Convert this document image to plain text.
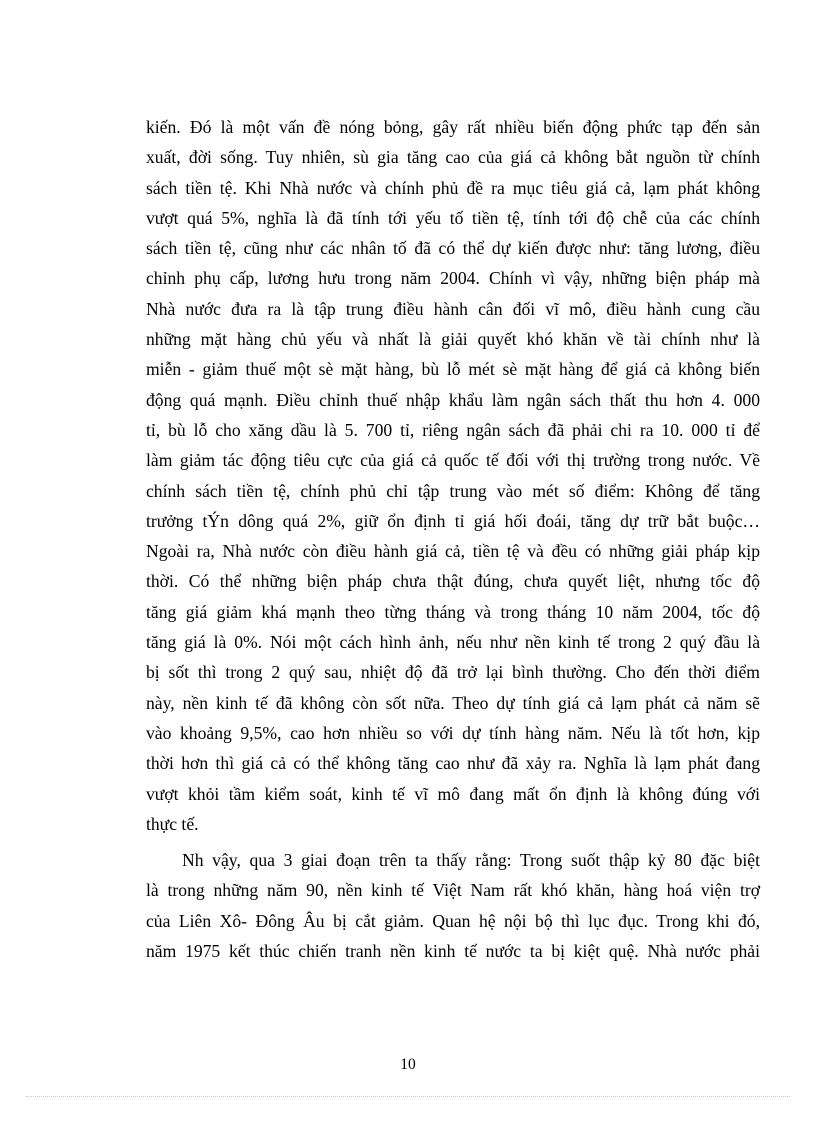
kiến. Đó là một vấn đề nóng bỏng, gây rất nhiều biến động phức tạp đến sản
xuất, đời sống. Tuy nhiên, sù gia tăng cao của giá cả không bắt nguồn từ chính
sách tiền tệ. Khi Nhà nước và chính phủ đề ra mục tiêu giá cả, lạm phát không
vượt quá 5%, nghĩa là đã tính tới yếu tố tiền tệ, tính tới độ chễ của các chính
sách tiền tệ, cũng như các nhân tố đã có thể dự kiến được như: tăng lương, điều
chỉnh phụ cấp, lương hưu trong năm 2004. Chính vì vậy, những biện pháp mà
Nhà nước đưa ra là tập trung điều hành cân đối vĩ mô, điều hành cung cầu
những mặt hàng chủ yếu và nhất là giải quyết khó khăn về tài chính như là
miễn - giảm thuế một sè mặt hàng, bù lỗ mét sè mặt hàng để giá cả không biến
động quá mạnh. Điều chỉnh thuế nhập khẩu làm ngân sách thất thu hơn 4. 000
tỉ, bù lỗ cho xăng dầu là 5. 700 tỉ, riêng ngân sách đã phải chi ra 10. 000 tỉ để
làm giảm tác động tiêu cực của giá cả quốc tế đối với thị trường trong nước. Về
chính sách tiền tệ, chính phủ chỉ tập trung vào mét số điểm: Không để tăng
trưởng tÝn dông quá 2%, giữ ổn định tỉ giá hối đoái, tăng dự trữ bắt buộc…
Ngoài ra, Nhà nước còn điều hành giá cả, tiền tệ và đều có những giải pháp kịp
thời. Có thể những biện pháp chưa thật đúng, chưa quyết liệt, nhưng tốc độ
tăng giá giảm khá mạnh theo từng tháng và trong tháng 10 năm 2004, tốc độ
tăng giá là 0%. Nói một cách hình ảnh, nếu như nền kinh tế trong 2 quý đầu là
bị sốt thì trong 2 quý sau, nhiệt độ đã trở lại bình thường. Cho đến thời điểm
này, nền kinh tế đã không còn sốt nữa. Theo dự tính giá cả lạm phát cả năm sẽ
vào khoảng 9,5%, cao hơn nhiều so với dự tính hàng năm. Nếu là tốt hơn, kịp
thời hơn thì giá cả có thể không tăng cao như đã xảy ra. Nghĩa là lạm phát đang
vượt khỏi tầm kiểm soát, kinh tế vĩ mô đang mất ổn định là không đúng với
thực tế.
Nh vậy, qua 3 giai đoạn trên ta thấy rằng: Trong suốt thập kỷ 80 đặc biệt
là trong những năm 90, nền kinh tế Việt Nam rất khó khăn, hàng hoá viện trợ
của Liên Xô- Đông Âu bị cắt giảm. Quan hệ nội bộ thì lục đục. Trong khi đó,
năm 1975 kết thúc chiến tranh nền kinh tế nước ta bị kiệt quệ. Nhà nước phải
10
